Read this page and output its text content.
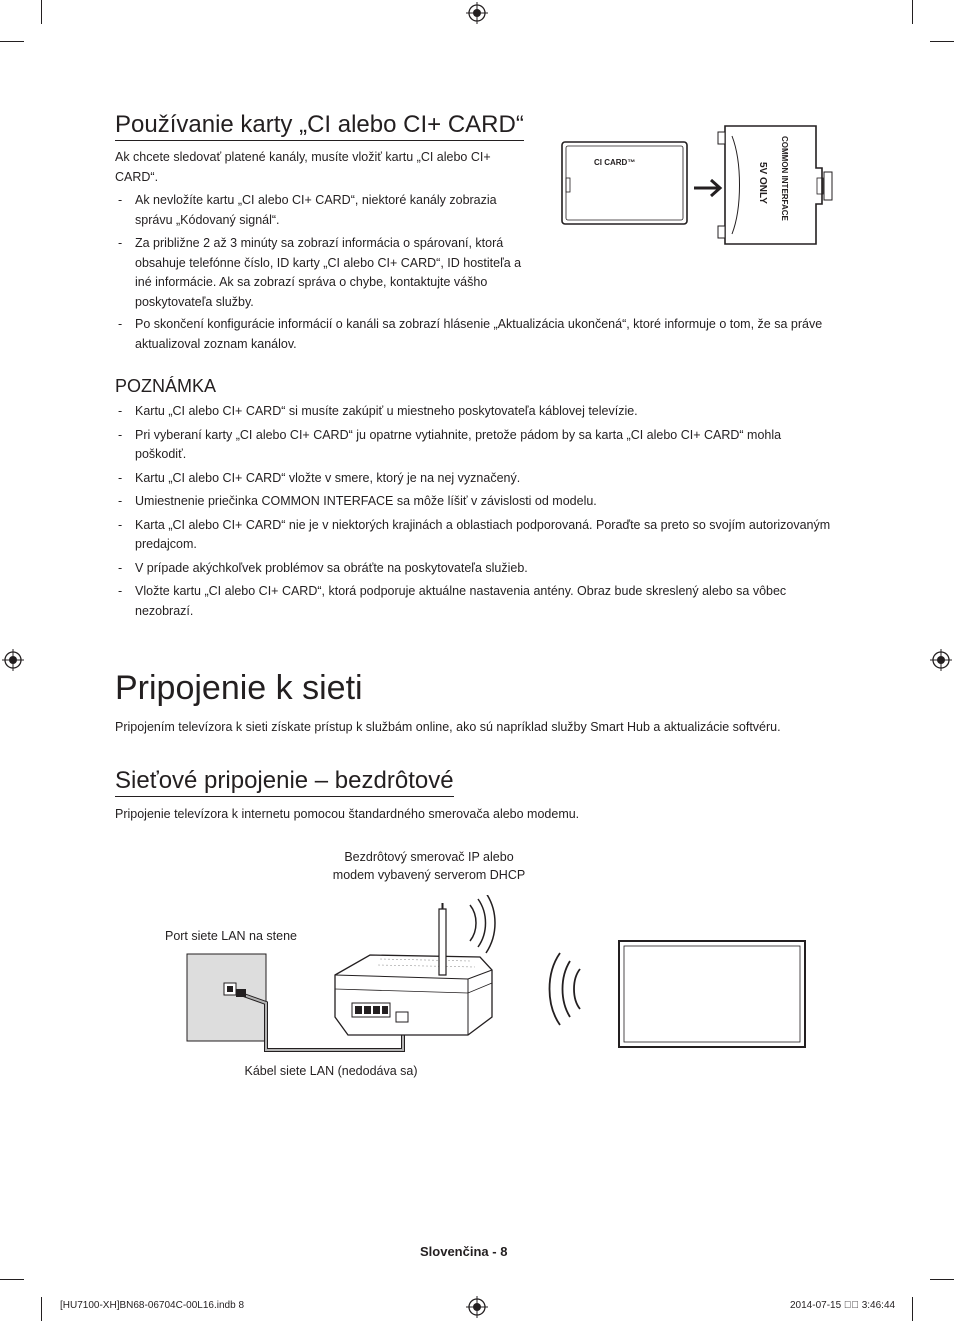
Používanie karty „CI alebo CI+ CARD“

Ak chcete sledovať platené kanály, musíte vložiť kartu „CI alebo CI+ CARD“.

- Ak nevložíte kartu „CI alebo CI+ CARD“, niektoré kanály zobrazia správu „Kódovaný signál“.
- Za približne 2 až 3 minúty sa zobrazí informácia o spárovaní, ktorá obsahuje telefónne číslo, ID karty „CI alebo CI+ CARD“, ID hostiteľa a iné informácie. Ak sa zobrazí správa o chybe, kontaktujte vášho poskytovateľa služby.
- Po skončení konfigurácie informácií o kanáli sa zobrazí hlásenie „Aktualizácia ukončená“, ktoré informuje o tom, že sa práve aktualizoval zoznam kanálov.
CI CARD™	COMMON INTERFACE
5V ONLY
POZNÁMKA
- Kartu „CI alebo CI+ CARD“ si musíte zakúpiť u miestneho poskytovateľa káblovej televízie.
- Pri vyberaní karty „CI alebo CI+ CARD“ ju opatrne vytiahnite, pretože pádom by sa karta „CI alebo CI+ CARD“ mohla poškodiť.
- Kartu „CI alebo CI+ CARD“ vložte v smere, ktorý je na nej vyznačený.
- Umiestnenie priečinka COMMON INTERFACE sa môže líšiť v závislosti od modelu.
- Karta „CI alebo CI+ CARD“ nie je v niektorých krajinách a oblastiach podporovaná. Poraďte sa preto so svojím autorizovaným predajcom.
- V prípade akýchkoľvek problémov sa obráťte na poskytovateľa služieb.
- Vložte kartu „CI alebo CI+ CARD“, ktorá podporuje aktuálne nastavenia antény. Obraz bude skreslený alebo sa vôbec nezobrazí.
Pripojenie k sieti

Pripojením televízora k sieti získate prístup k službám online, ako sú napríklad služby Smart Hub a aktualizácie softvéru.

Sieťové pripojenie – bezdrôtové

Pripojenie televízora k internetu pomocou štandardného smerovača alebo modemu.

Bezdrôtový smerovač IP alebo
modem vybavený serverom DHCP
Port siete LAN na stene
Kábel siete LAN (nedodáva sa)
Slovenčina - 8
[HU7100-XH]BN68-06704C-00L16.indb 8	2014-07-15 ￿￿ 3:46:44
